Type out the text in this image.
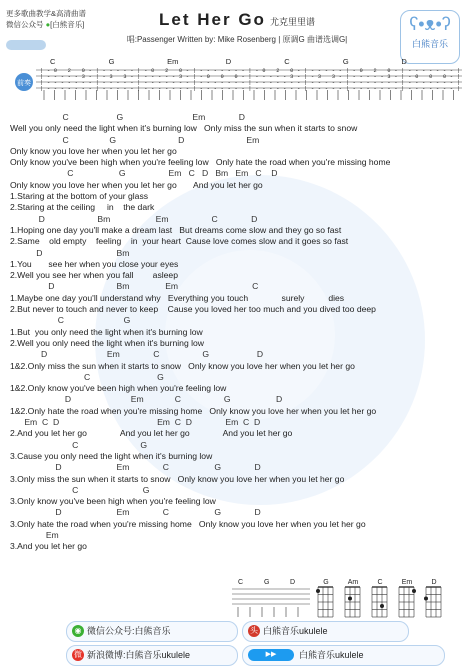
更多歌曲教学&高清曲谱
微信公众号 ●[白熊音乐]	Let Her Go 尤克里里谱
唱:Passenger Written by: Mike Rosenberg | 原调G 曲谱选调G|
ʕ•ᴥ•ʔ
白熊音乐
前奏
C	G	Em	D	C	G	D
|-0 2 0-|-----|-0 2 0-|-------|-0 2 0-|-----|-0 2 0-|-------|
|-----3-|-3 3-|-----3-|-0 0 0-|-----3-|-3 3-|-----3-|-0 0 0-|
|-------|-----|-------|-------|-------|-----|-------|-------|
|-------|-----|-------|-------|-------|-----|-------|-------|
C                    G                             Em              D
Well you only need the light when it's burning low   Only miss the sun when it starts to snow
C                 G                          D                          Em
Only know you love her when you let her go
Only know you've been high when you're feeling low   Only hate the road when you're missing home
C                   G                  Em   C   D   Bm   Em   C    D
Only know you love her when you let her go       And you let her go
1.Staring at the bottom of your glass
2.Staring at the ceiling     in    the dark
D                      Bm                   Em                  C              D
1.Hoping one day you'll make a dream last   But dreams come slow and they go so fast
2.Same    old empty    feeling    in  your heart  Cause love comes slow and it goes so fast
D                               Bm
1.You       see her when you close your eyes
2.Well you see her when you fall        asleep
D                          Bm               Em                               C
1.Maybe one day you'll understand why   Everything you touch              surely          dies
2.But never to touch and never to keep    Cause you loved her too much and you dived too deep
C                         G
1.But  you only need the light when it's burning low
2.Well you only need the light when it's burning low
D                         Em              C                  G                    D
1&2.Only miss the sun when it starts to snow   Only know you love her when you let her go
C                            G
1&2.Only know you've been high when you're feeling low
D                         Em             C                  G                   D
1&2.Only hate the road when you're missing home   Only know you love her when you let her go
Em  C  D                                         Em  C  D              Em  C  D
2.And you let her go              And you let her go              And you let her go
C                          G
3.Cause you only need the light when it's burning low
D                       Em              C                   G              D
3.Only miss the sun when it starts to snow   Only know you love her when you let her go
C                           G
3.Only know you've been high when you're feeling low
D                       Em              C                   G              D
3.Only hate the road when you're missing home   Only know you love her when you let her go
Em
3.And you let her go
G	Am	C	Em	D
C	G	D
◉ 微信公众号:白熊音乐	头 白熊音乐ukulele
微 新浪微博:白熊音乐ukulele	▶▶	白熊音乐ukulele
